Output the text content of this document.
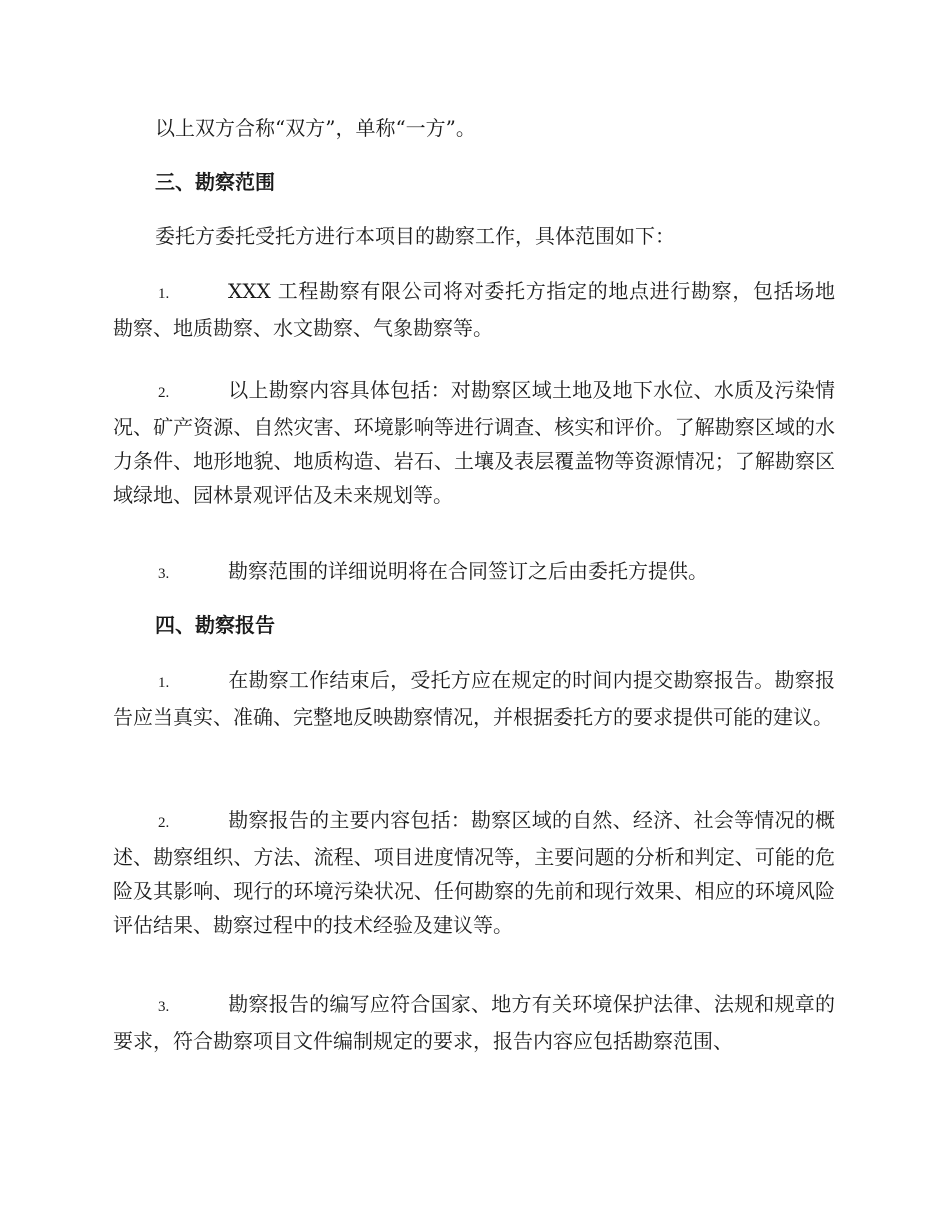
以上双方合称“双方”，单称“一方”。

三、勘察范围

委托方委托受托方进行本项目的勘察工作，具体范围如下：

1.	XXX 工程勘察有限公司将对委托方指定的地点进行勘察，包括场地勘察、地质勘察、水文勘察、气象勘察等。

2.	以上勘察内容具体包括：对勘察区域土地及地下水位、水质及污染情况、矿产资源、自然灾害、环境影响等进行调查、核实和评价。了解勘察区域的水力条件、地形地貌、地质构造、岩石、土壤及表层覆盖物等资源情况；了解勘察区域绿地、园林景观评估及未来规划等。

3.	勘察范围的详细说明将在合同签订之后由委托方提供。

四、勘察报告

1.	在勘察工作结束后，受托方应在规定的时间内提交勘察报告。勘察报告应当真实、准确、完整地反映勘察情况，并根据委托方的要求提供可能的建议。

2.	勘察报告的主要内容包括：勘察区域的自然、经济、社会等情况的概述、勘察组织、方法、流程、项目进度情况等，主要问题的分析和判定、可能的危险及其影响、现行的环境污染状况、任何勘察的先前和现行效果、相应的环境风险评估结果、勘察过程中的技术经验及建议等。

3.	勘察报告的编写应符合国家、地方有关环境保护法律、法规和规章的要求，符合勘察项目文件编制规定的要求，报告内容应包括勘察范围、
